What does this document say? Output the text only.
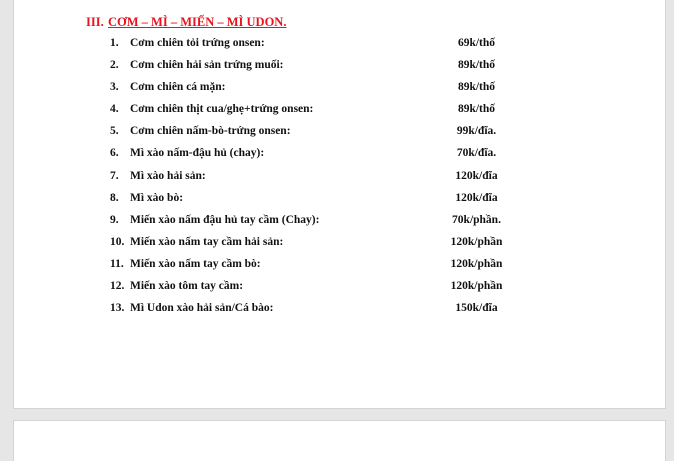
III. CƠM – MÌ – MIẾN – MÌ UDON.
1. Cơm chiên tỏi trứng onsen:	69k/thố
2. Cơm chiên hải sản trứng muối:	89k/thố
3. Cơm chiên cá mặn:	89k/thố
4. Cơm chiên thịt cua/ghẹ+trứng onsen:	89k/thố
5. Cơm chiên nấm-bò-trứng onsen:	99k/đĩa.
6. Mì xào nấm-đậu hủ (chay):	70k/đĩa.
7. Mì xào hải sản:	120k/đĩa
8. Mì xào bò:	120k/đĩa
9. Miến xào nấm đậu hủ tay cầm (Chay):	70k/phần.
10. Miến xào nấm tay cầm hải sản:	120k/phần
11. Miến xào nấm tay cầm bò:	120k/phần
12. Miến xào tôm tay cầm:	120k/phần
13. Mì Udon xào hải sản/Cá bào:	150k/đĩa
